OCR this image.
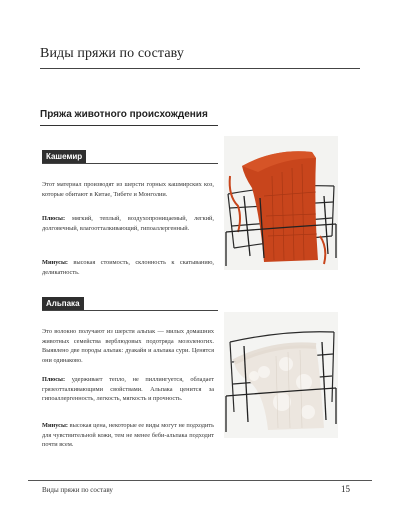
Виды пряжи по составу
Пряжа животного происхождения
Кашемир
Этот материал производят из шерсти горных кашмирских коз, которые обитают в Китае, Тибете и Монголии.
Плюсы: мягкий, теплый, воздухопроницаемый, легкий, долговечный, влагоотталкивающий, гипоаллергенный.
Минусы: высокая стоимость, склонность к скатыванию, деликатность.
Альпака
Это волокно получают из шерсти альпак — милых домашних животных семейства верблюдовых подотряда мозоленогих. Выявлено две породы альпак: дуакайя и альпака сури. Ценятся они одинаково.
Плюсы: удерживает тепло, не пиллингуется, обладает грязеотталкивающими свойствами. Альпака ценится за гипоаллергенность, легкость, мягкость и прочность.
Минусы: высокая цена, некоторые ее виды могут не подходить для чувствительной кожи, тем не менее беби-альпака подходит почти всем.
Виды пряжи по составу	15
